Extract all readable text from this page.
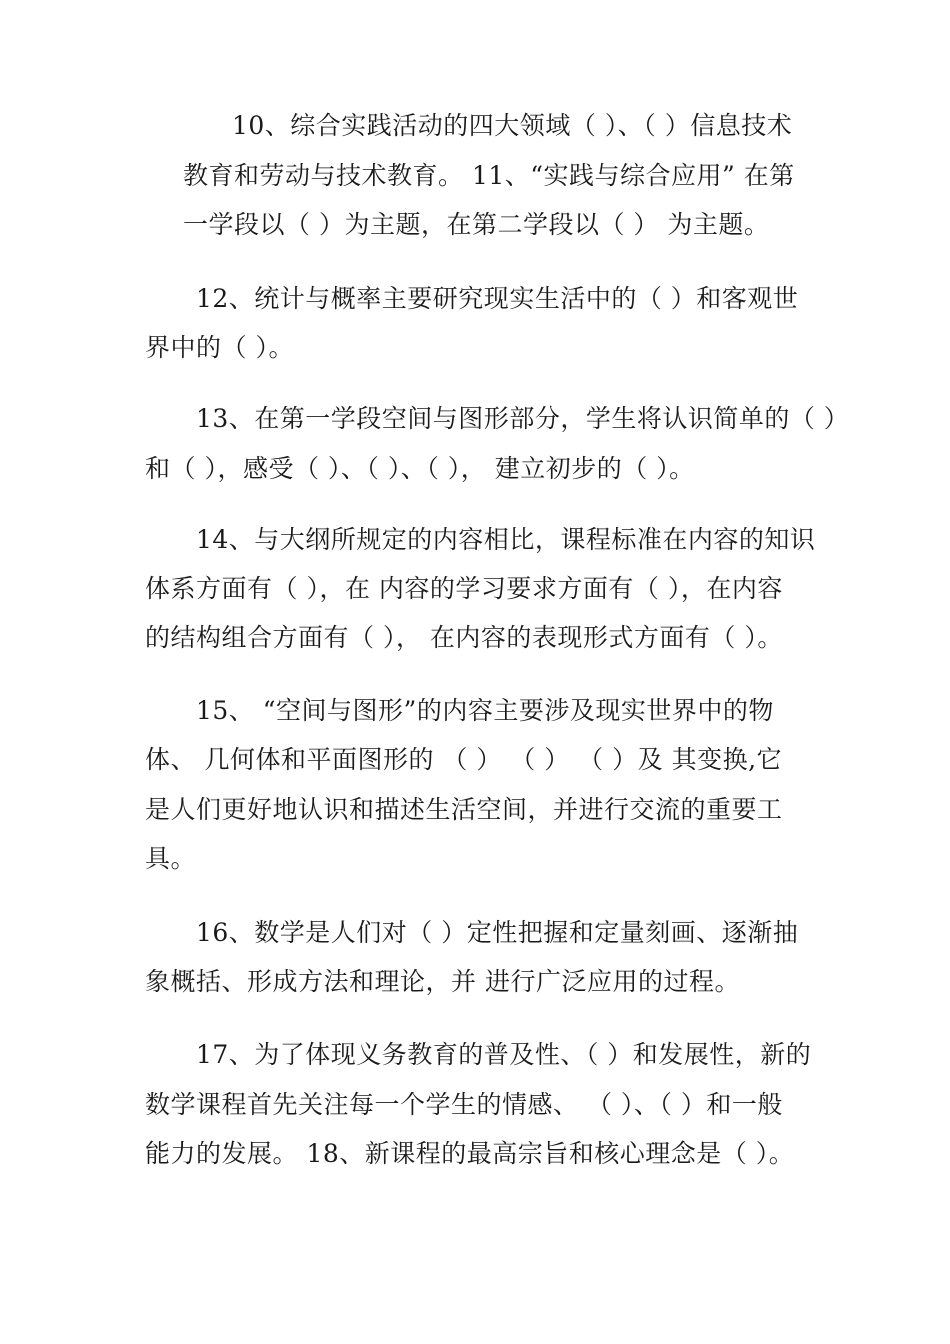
10、综合实践活动的四大领域（ ）、（ ）信息技术

教育和劳动与技术教育。 11、“实践与综合应用” 在第

一学段以（ ）为主题，在第二学段以（ ） 为主题。

12、统计与概率主要研究现实生活中的（ ）和客观世

界中的（ ）。

13、在第一学段空间与图形部分，学生将认识简单的（ ）

和（ ），感受（ ）、（ ）、（ ）， 建立初步的（ ）。

14、与大纲所规定的内容相比，课程标准在内容的知识

体系方面有（ ），在 内容的学习要求方面有（ ），在内容

的结构组合方面有（ ）， 在内容的表现形式方面有（ ）。

15、 “空间与图形”的内容主要涉及现实世界中的物

体、 几何体和平面图形的 （ ） （ ） （ ）及 其变换,它

是人们更好地认识和描述生活空间，并进行交流的重要工

具。

16、数学是人们对（ ）定性把握和定量刻画、逐渐抽

象概括、形成方法和理论，并 进行广泛应用的过程。

17、为了体现义务教育的普及性、（ ）和发展性，新的

数学课程首先关注每一个学生的情感、 （ ）、（ ）和一般

能力的发展。 18、新课程的最高宗旨和核心理念是（ ）。
